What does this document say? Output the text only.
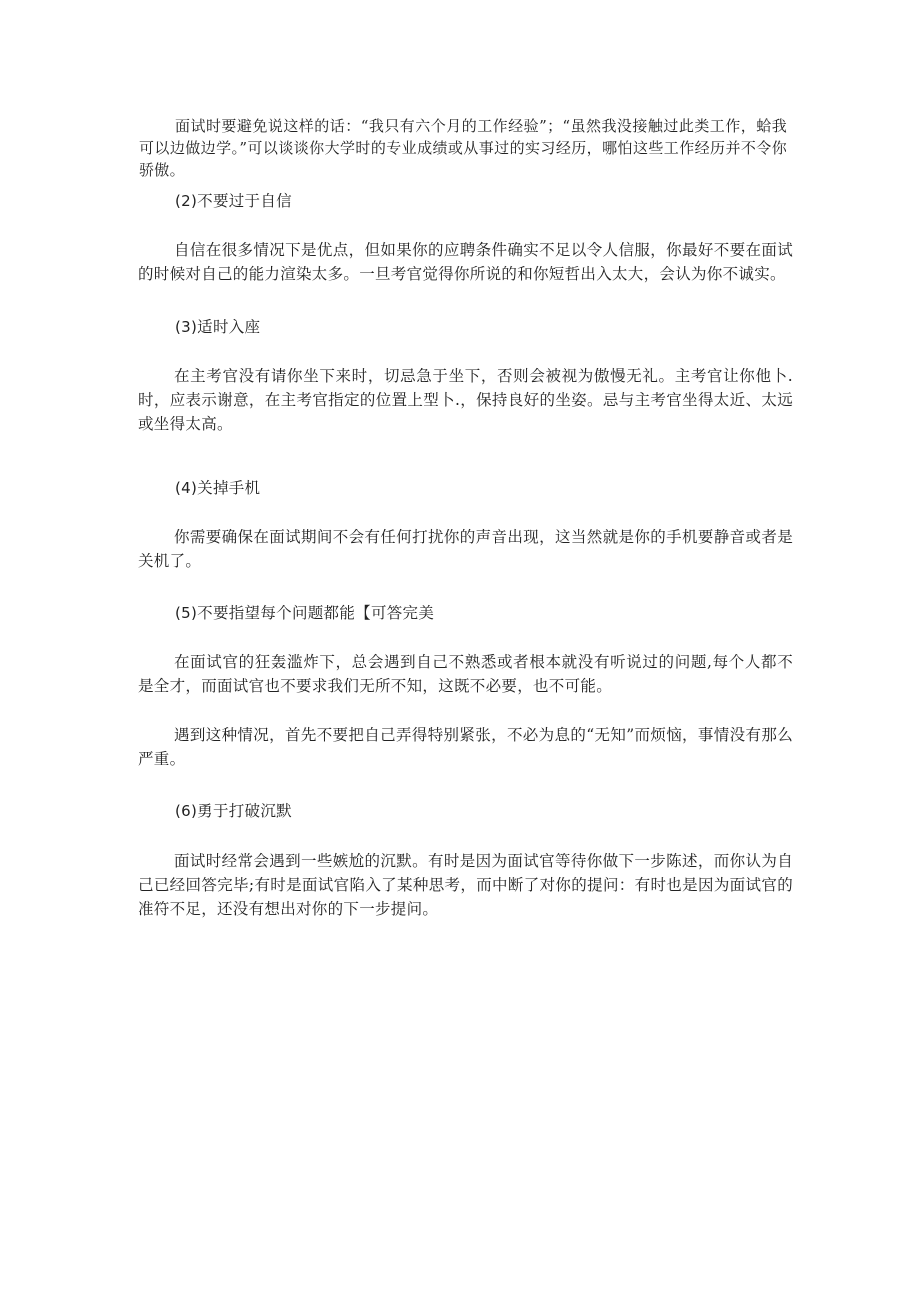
面试时要避免说这样的话：“我只有六个月的工作经验”；“虽然我没接触过此类工作，蛤我可以边做边学。”可以谈谈你大学时的专业成绩或从事过的实习经历，哪怕这些工作经历并不令你骄傲。

(2)不要过于自信

自信在很多情况下是优点，但如果你的应聘条件确实不足以令人信服，你最好不要在面试的时候对自己的能力渲染太多。一旦考官觉得你所说的和你短哲出入太大，会认为你不诚实。

(3)适时入座

在主考官没有请你坐下来时，切忌急于坐下，否则会被视为傲慢无礼。主考官让你他卜.时，应表示谢意，在主考官指定的位置上型卜.，保持良好的坐姿。忌与主考官坐得太近、太远或坐得太高。

(4)关掉手机

你需要确保在面试期间不会有任何打扰你的声音出现，这当然就是你的手机要静音或者是关机了。

(5)不要指望每个问题都能【可答完美

在面试官的狂轰滥炸下，总会遇到自己不熟悉或者根本就没有听说过的问题,每个人都不是全才，而面试官也不要求我们无所不知，这既不必要，也不可能。

遇到这种情况，首先不要把自己弄得特别紧张，不必为息的“无知”而烦恼，事情没有那么严重。

(6)勇于打破沉默

面试时经常会遇到一些嫉尬的沉默。有时是因为面试官等待你做下一步陈述，而你认为自己已经回答完毕;有时是面试官陷入了某种思考，而中断了对你的提问：有时也是因为面试官的准符不足，还没有想出对你的下一步提问。
